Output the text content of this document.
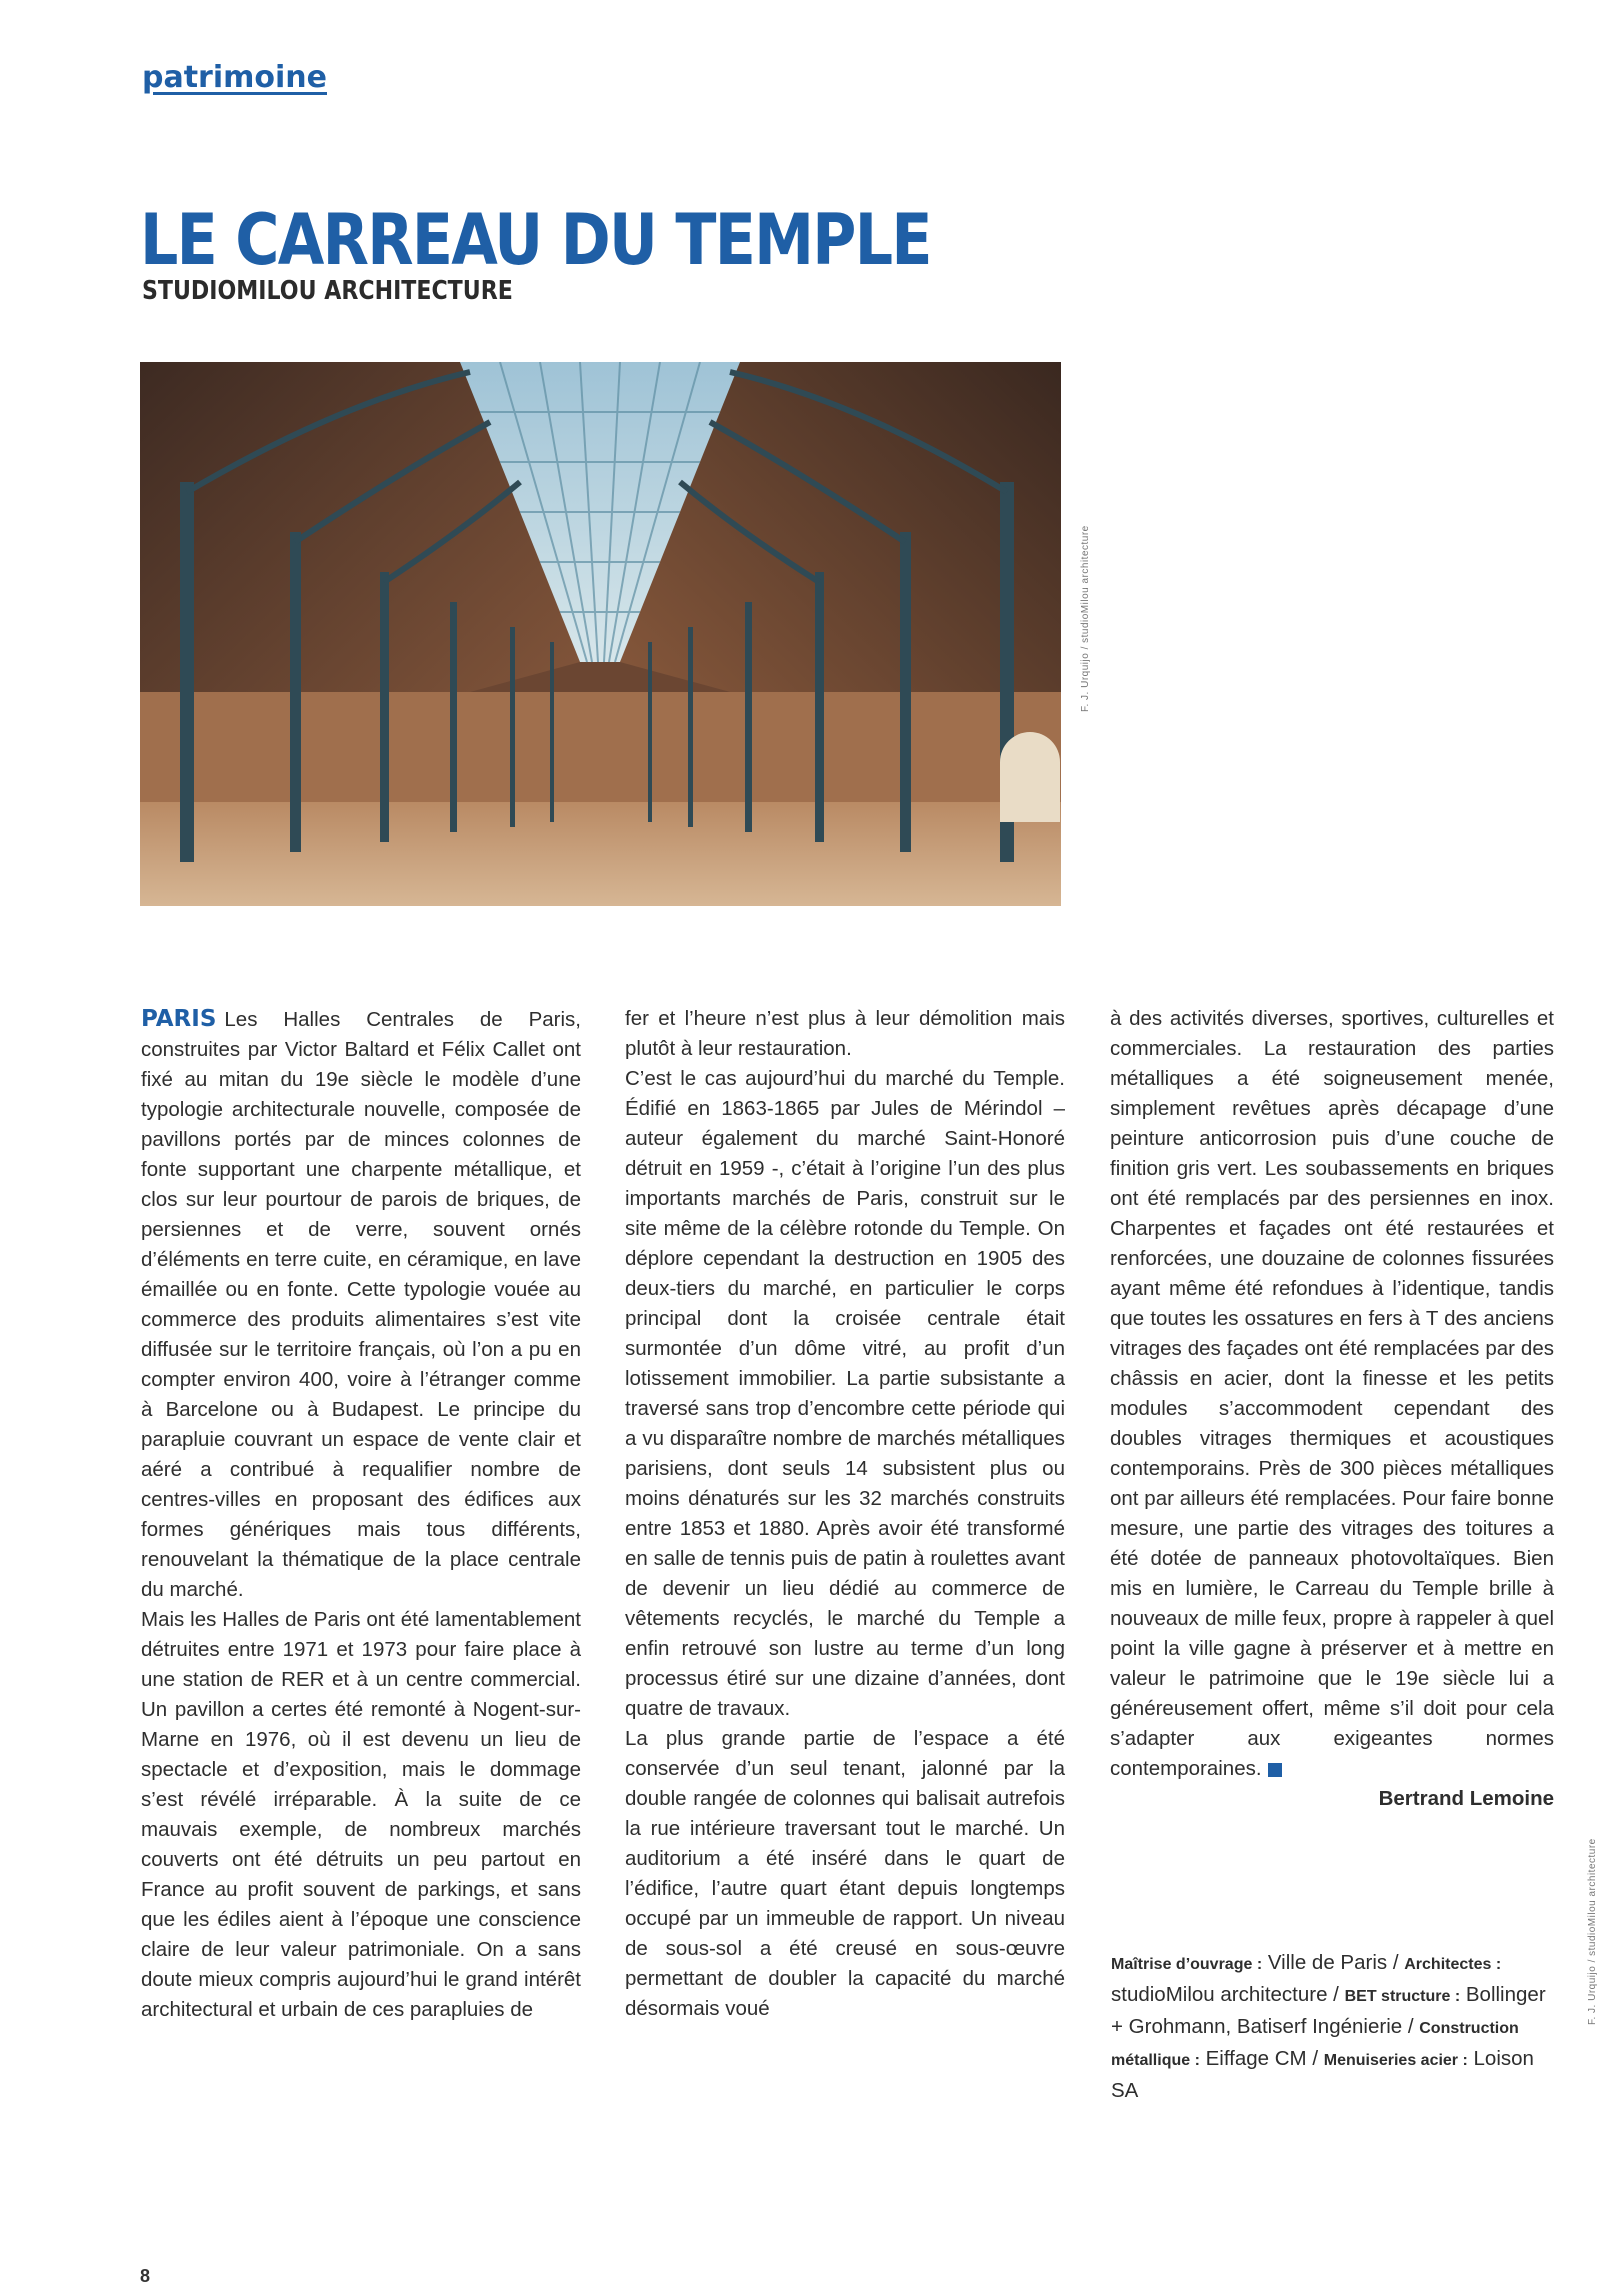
patrimoine
LE CARREAU DU TEMPLE
STUDIOMILOU ARCHITECTURE
F. J. Urquijo / studioMilou architecture

PARIS Les Halles Centrales de Paris, construites par Victor Baltard et Félix Callet ont fixé au mitan du 19e siècle le modèle d’une typologie architecturale nouvelle, composée de pavillons portés par de minces colonnes de fonte supportant une charpente métallique, et clos sur leur pourtour de parois de briques, de persiennes et de verre, souvent ornés d’éléments en terre cuite, en céramique, en lave émaillée ou en fonte. Cette typologie vouée au commerce des produits alimentaires s’est vite diffusée sur le territoire français, où l’on a pu en compter environ 400, voire à l’étranger comme à Barcelone ou à Budapest. Le principe du parapluie couvrant un espace de vente clair et aéré a contribué à requalifier nombre de centres-villes en proposant des édifices aux formes génériques mais tous différents, renouvelant la thématique de la place centrale du marché.

Mais les Halles de Paris ont été lamentablement détruites entre 1971 et 1973 pour faire place à une station de RER et à un centre commercial. Un pavillon a certes été remonté à Nogent-sur-Marne en 1976, où il est devenu un lieu de spectacle et d’exposition, mais le dommage s’est révélé irréparable. À la suite de ce mauvais exemple, de nombreux marchés couverts ont été détruits un peu partout en France au profit souvent de parkings, et sans que les édiles aient à l’époque une conscience claire de leur valeur patrimoniale. On a sans doute mieux compris aujourd’hui le grand intérêt architectural et urbain de ces parapluies de

fer et l’heure n’est plus à leur démolition mais plutôt à leur restauration.

C’est le cas aujourd’hui du marché du Temple. Édifié en 1863-1865 par Jules de Mérindol – auteur également du marché Saint-Honoré détruit en 1959 -, c’était à l’origine l’un des plus importants marchés de Paris, construit sur le site même de la célèbre rotonde du Temple. On déplore cependant la destruction en 1905 des deux-tiers du marché, en particulier le corps principal dont la croisée centrale était surmontée d’un dôme vitré, au profit d’un lotissement immobilier. La partie subsistante a traversé sans trop d’encombre cette période qui a vu disparaître nombre de marchés métalliques parisiens, dont seuls 14 subsistent plus ou moins dénaturés sur les 32 marchés construits entre 1853 et 1880. Après avoir été transformé en salle de tennis puis de patin à roulettes avant de devenir un lieu dédié au commerce de vêtements recyclés, le marché du Temple a enfin retrouvé son lustre au terme d’un long processus étiré sur une dizaine d’années, dont quatre de travaux.

La plus grande partie de l’espace a été conservée d’un seul tenant, jalonné par la double rangée de colonnes qui balisait autrefois la rue intérieure traversant tout le marché. Un auditorium a été inséré dans le quart de l’édifice, l’autre quart étant depuis longtemps occupé par un immeuble de rapport. Un niveau de sous-sol a été creusé en sous-œuvre permettant de doubler la capacité du marché désormais voué

à des activités diverses, sportives, culturelles et commerciales. La restauration des parties métalliques a été soigneusement menée, simplement revêtues après décapage d’une peinture anticorrosion puis d’une couche de finition gris vert. Les soubassements en briques ont été remplacés par des persiennes en inox. Charpentes et façades ont été restaurées et renforcées, une douzaine de colonnes fissurées ayant même été refondues à l’identique, tandis que toutes les ossatures en fers à T des anciens vitrages des façades ont été remplacées par des châssis en acier, dont la finesse et les petits modules s’accommodent cependant des doubles vitrages thermiques et acoustiques contemporains. Près de 300 pièces métalliques ont par ailleurs été remplacées. Pour faire bonne mesure, une partie des vitrages des toitures a été dotée de panneaux photovoltaïques. Bien mis en lumière, le Carreau du Temple brille à nouveaux de mille feux, propre à rappeler à quel point la ville gagne à préserver et à mettre en valeur le patrimoine que le 19e siècle lui a généreusement offert, même s’il doit pour cela s’adapter aux exigeantes normes contemporaines.

Bertrand Lemoine

Maîtrise d’ouvrage : Ville de Paris / Architectes : studioMilou architecture / BET structure : Bollinger + Grohmann, Batiserf Ingénierie / Construction métallique : Eiffage CM / Menuiseries acier : Loison SA
F. J. Urquijo / studioMilou architecture
8
